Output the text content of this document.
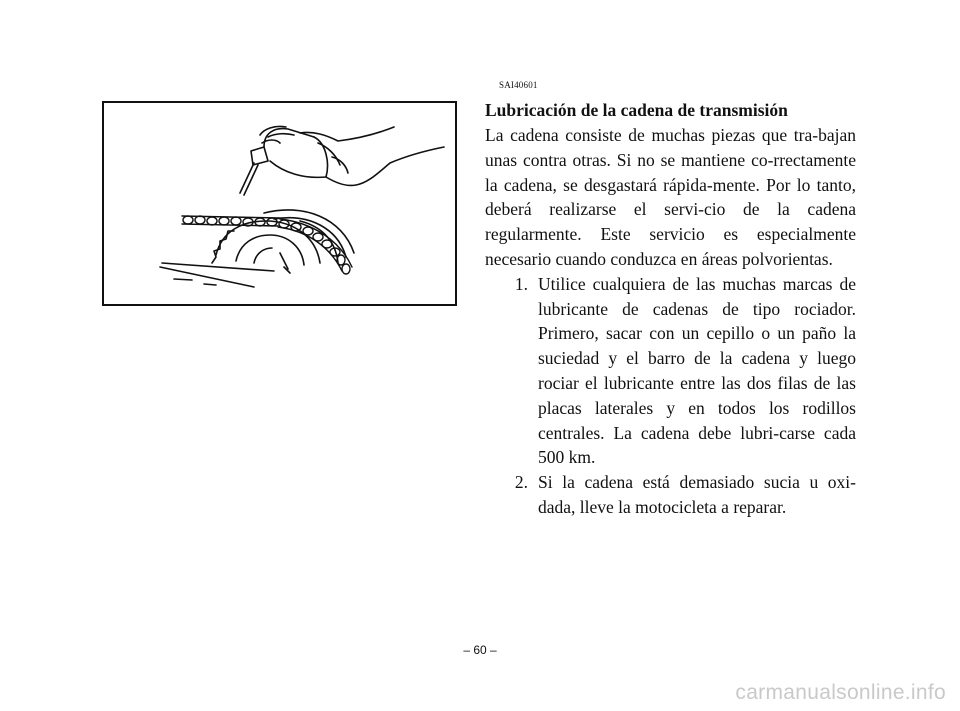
SAI40601
Lubricación de la cadena de transmisión

La cadena consiste de muchas piezas que tra-bajan unas contra otras. Si no se mantiene co-rrectamente la cadena, se desgastará rápida-mente. Por lo tanto, deberá realizarse el servi-cio de la cadena regularmente. Este servicio es especialmente necesario cuando conduzca en áreas polvorientas.

1. Utilice cualquiera de las muchas marcas de lubricante de cadenas de tipo rociador. Primero, sacar con un cepillo o un paño la suciedad y el barro de la cadena y luego rociar el lubricante entre las dos filas de las placas laterales y en todos los rodillos centrales. La cadena debe lubri-carse cada 500 km.
2. Si la cadena está demasiado sucia u oxi-dada, lleve la motocicleta a reparar.
– 60 –
carmanualsonline.info
